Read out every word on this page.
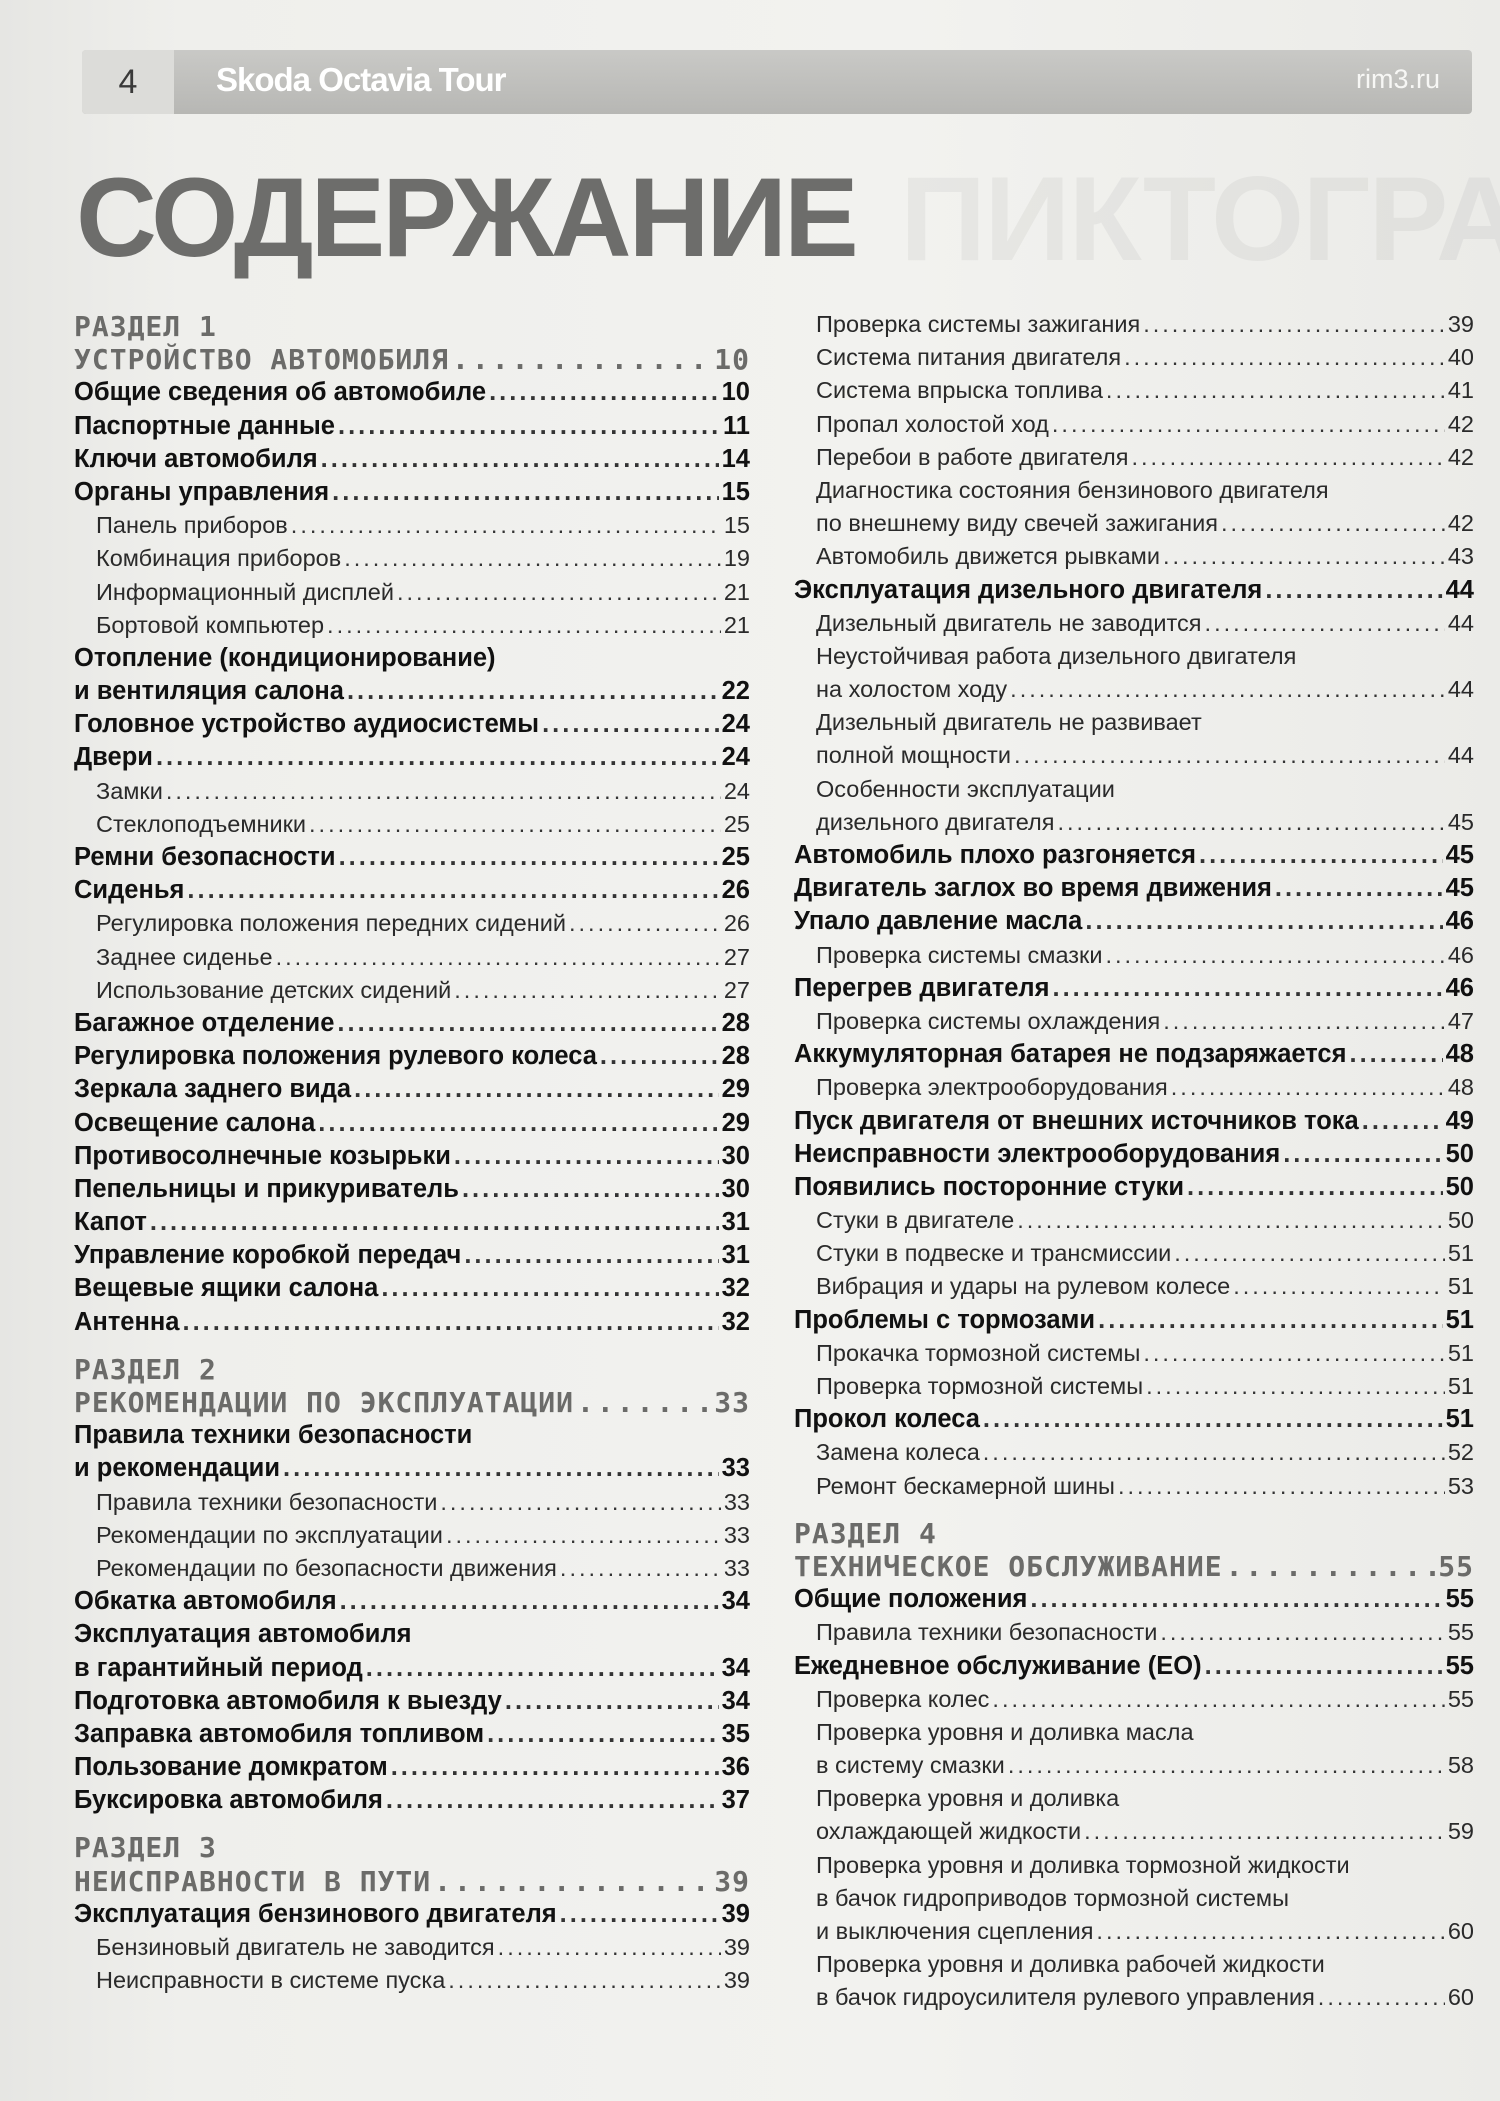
4	Skoda Octavia Tour	rim3.ru
СОДЕРЖАНИЕ
РАЗДЕЛ 1
УСТРОЙСТВО АВТОМОБИЛЯ .....	10
Общие сведения об автомобиле .....	10
Паспортные данные .....	11
Ключи автомобиля .....	14
Органы управления .....	15
Панель приборов .....	15
Комбинация приборов .....	19
Информационный дисплей .....	21
Бортовой компьютер .....	21
Отопление (кондиционирование)
и вентиляция салона .....	22
Головное устройство аудиосистемы .....	24
Двери .....	24
Замки .....	24
Стеклоподъемники .....	25
Ремни безопасности .....	25
Сиденья .....	26
Регулировка положения передних сидений .....	26
Заднее сиденье .....	27
Использование детских сидений .....	27
Багажное отделение .....	28
Регулировка положения рулевого колеса .....	28
Зеркала заднего вида .....	29
Освещение салона .....	29
Противосолнечные козырьки .....	30
Пепельницы и прикуриватель .....	30
Капот .....	31
Управление коробкой передач .....	31
Вещевые ящики салона .....	32
Антенна .....	32
РАЗДЕЛ 2
РЕКОМЕНДАЦИИ ПО ЭКСПЛУАТАЦИИ .....	33
Правила техники безопасности
и рекомендации .....	33
Правила техники безопасности .....	33
Рекомендации по эксплуатации .....	33
Рекомендации по безопасности движения .....	33
Обкатка автомобиля .....	34
Эксплуатация автомобиля
в гарантийный период .....	34
Подготовка автомобиля к выезду .....	34
Заправка автомобиля топливом .....	35
Пользование домкратом .....	36
Буксировка автомобиля .....	37
РАЗДЕЛ 3
НЕИСПРАВНОСТИ В ПУТИ .....	39
Эксплуатация бензинового двигателя .....	39
Бензиновый двигатель не заводится .....	39
Неисправности в системе пуска .....	39
Проверка системы зажигания .....	39
Система питания двигателя .....	40
Система впрыска топлива .....	41
Пропал холостой ход .....	42
Перебои в работе двигателя .....	42
Диагностика состояния бензинового двигателя
по внешнему виду свечей зажигания .....	42
Автомобиль движется рывками .....	43
Эксплуатация дизельного двигателя .....	44
Дизельный двигатель не заводится .....	44
Неустойчивая работа дизельного двигателя
на холостом ходу .....	44
Дизельный двигатель не развивает
полной мощности .....	44
Особенности эксплуатации
дизельного двигателя .....	45
Автомобиль плохо разгоняется .....	45
Двигатель заглох во время движения .....	45
Упало давление масла .....	46
Проверка системы смазки .....	46
Перегрев двигателя .....	46
Проверка системы охлаждения .....	47
Аккумуляторная батарея не подзаряжается .....	48
Проверка электрооборудования .....	48
Пуск двигателя от внешних источников тока .....	49
Неисправности электрооборудования .....	50
Появились посторонние стуки .....	50
Стуки в двигателе .....	50
Стуки в подвеске и трансмиссии .....	51
Вибрация и удары на рулевом колесе .....	51
Проблемы с тормозами .....	51
Прокачка тормозной системы .....	51
Проверка тормозной системы .....	51
Прокол колеса .....	51
Замена колеса .....	52
Ремонт бескамерной шины .....	53
РАЗДЕЛ 4
ТЕХНИЧЕСКОЕ ОБСЛУЖИВАНИЕ .....	55
Общие положения .....	55
Правила техники безопасности .....	55
Ежедневное обслуживание (ЕО) .....	55
Проверка колес .....	55
Проверка уровня и доливка масла
в систему смазки .....	58
Проверка уровня и доливка
охлаждающей жидкости .....	59
Проверка уровня и доливка тормозной жидкости
в бачок гидроприводов тормозной системы
и выключения сцепления .....	60
Проверка уровня и доливка рабочей жидкости
в бачок гидроусилителя рулевого управления .....	60
